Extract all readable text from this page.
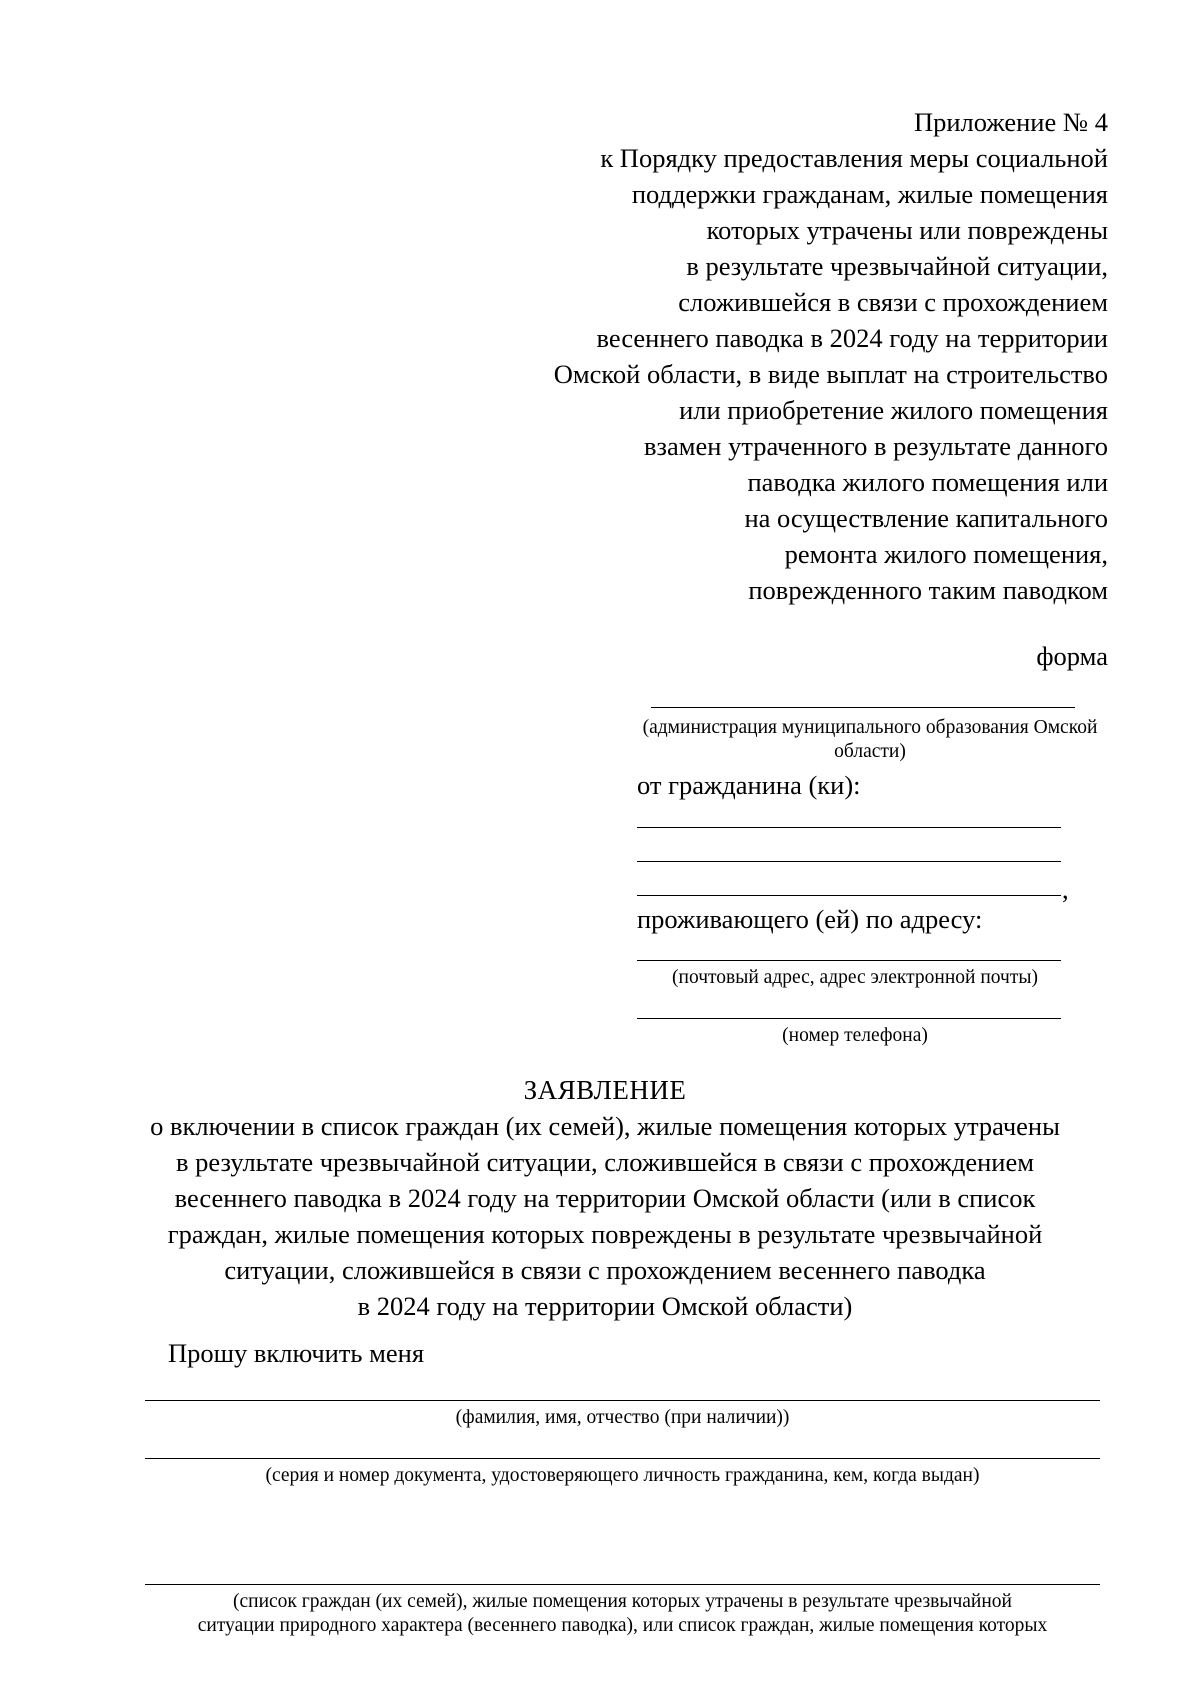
Приложение № 4
к Порядку предоставления меры социальной
поддержки гражданам, жилые помещения
которых утрачены или повреждены
в результате чрезвычайной ситуации,
сложившейся в связи с прохождением
весеннего паводка в 2024 году на территории
Омской области, в виде выплат на строительство
или приобретение жилого помещения
взамен утраченного в результате данного
паводка жилого помещения или
на осуществление капитального
ремонта жилого помещения,
поврежденного таким паводком
форма
(администрация муниципального образования Омской
области)
от гражданина (ки):
,
проживающего (ей) по адресу:
(почтовый адрес, адрес электронной почты)
(номер телефона)
ЗАЯВЛЕНИЕ
о включении в список граждан (их семей), жилые помещения которых утрачены
в результате чрезвычайной ситуации, сложившейся в связи с прохождением
весеннего паводка в 2024 году на территории Омской области (или в список
граждан, жилые помещения которых повреждены в результате чрезвычайной
ситуации, сложившейся в связи с прохождением весеннего паводка
в 2024 году на территории Омской области)
Прошу включить меня
(фамилия, имя, отчество (при наличии))
(серия и номер документа, удостоверяющего личность гражданина, кем, когда выдан)
(список граждан (их семей), жилые помещения которых утрачены в результате чрезвычайной
ситуации природного характера (весеннего паводка), или список граждан, жилые помещения которых
